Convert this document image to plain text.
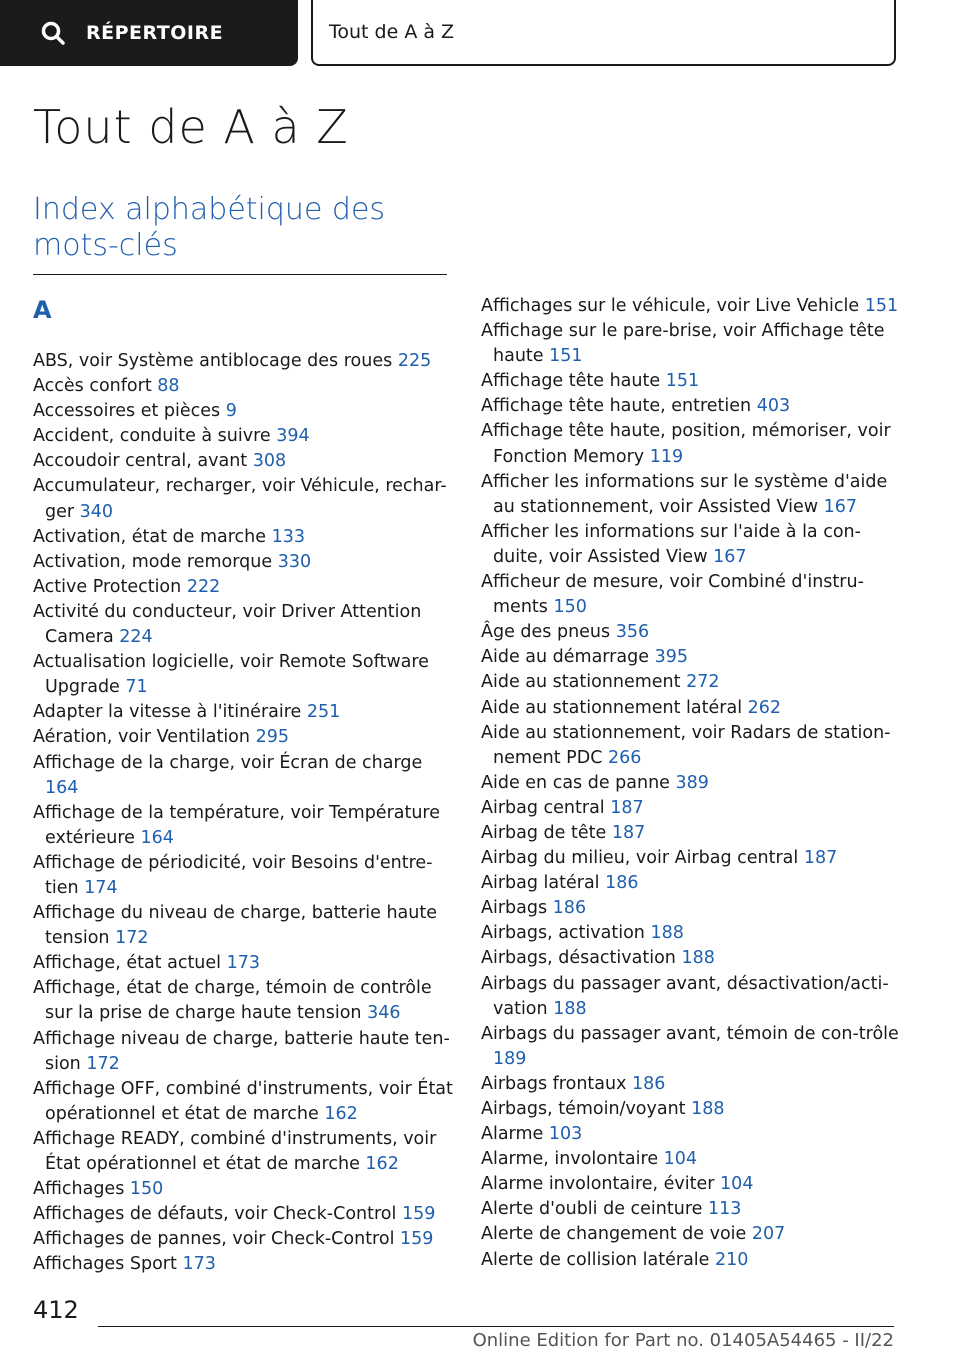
RÉPERTOIRE	Tout de A à Z
Tout de A à Z
Index alphabétique des mots-clés
A
ABS, voir Système antiblocage des roues 225
Accès confort 88
Accessoires et pièces 9
Accident, conduite à suivre 394
Accoudoir central, avant 308
Accumulateur, recharger, voir Véhicule, rechar-ger 340
Activation, état de marche 133
Activation, mode remorque 330
Active Protection 222
Activité du conducteur, voir Driver Attention Camera 224
Actualisation logicielle, voir Remote Software Upgrade 71
Adapter la vitesse à l'itinéraire 251
Aération, voir Ventilation 295
Affichage de la charge, voir Écran de charge 164
Affichage de la température, voir Température extérieure 164
Affichage de périodicité, voir Besoins d'entre-tien 174
Affichage du niveau de charge, batterie haute tension 172
Affichage, état actuel 173
Affichage, état de charge, témoin de contrôle sur la prise de charge haute tension 346
Affichage niveau de charge, batterie haute ten-sion 172
Affichage OFF, combiné d'instruments, voir État opérationnel et état de marche 162
Affichage READY, combiné d'instruments, voir État opérationnel et état de marche 162
Affichages 150
Affichages de défauts, voir Check-Control 159
Affichages de pannes, voir Check-Control 159
Affichages Sport 173
Affichages sur le véhicule, voir Live Vehicle 151
Affichage sur le pare-brise, voir Affichage tête haute 151
Affichage tête haute 151
Affichage tête haute, entretien 403
Affichage tête haute, position, mémoriser, voir Fonction Memory 119
Afficher les informations sur le système d'aide au stationnement, voir Assisted View 167
Afficher les informations sur l'aide à la con-duite, voir Assisted View 167
Afficheur de mesure, voir Combiné d'instru-ments 150
Âge des pneus 356
Aide au démarrage 395
Aide au stationnement 272
Aide au stationnement latéral 262
Aide au stationnement, voir Radars de station-nement PDC 266
Aide en cas de panne 389
Airbag central 187
Airbag de tête 187
Airbag du milieu, voir Airbag central 187
Airbag latéral 186
Airbags 186
Airbags, activation 188
Airbags, désactivation 188
Airbags du passager avant, désactivation/acti-vation 188
Airbags du passager avant, témoin de con-trôle 189
Airbags frontaux 186
Airbags, témoin/voyant 188
Alarme 103
Alarme, involontaire 104
Alarme involontaire, éviter 104
Alerte d'oubli de ceinture 113
Alerte de changement de voie 207
Alerte de collision latérale 210
412
Online Edition for Part no. 01405A54465 - II/22
